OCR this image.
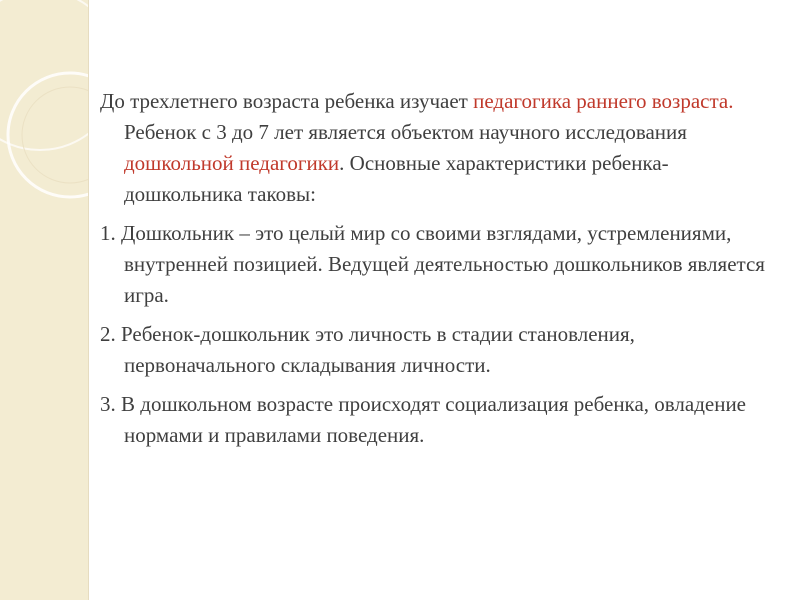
До трехлетнего возраста ребенка изучает педагогика раннего возраста. Ребенок с 3 до 7 лет является объектом научного исследования дошкольной педагогики. Основные характеристики ребенка-дошкольника таковы:

1. Дошкольник – это целый мир со своими взглядами, устремлениями, внутренней позицией. Ведущей деятельностью дошкольников является игра.

2. Ребенок-дошкольник это личность в стадии становления, первоначального складывания личности.

3. В дошкольном возрасте происходят социализация ребенка, овладение нормами и правилами поведения.
